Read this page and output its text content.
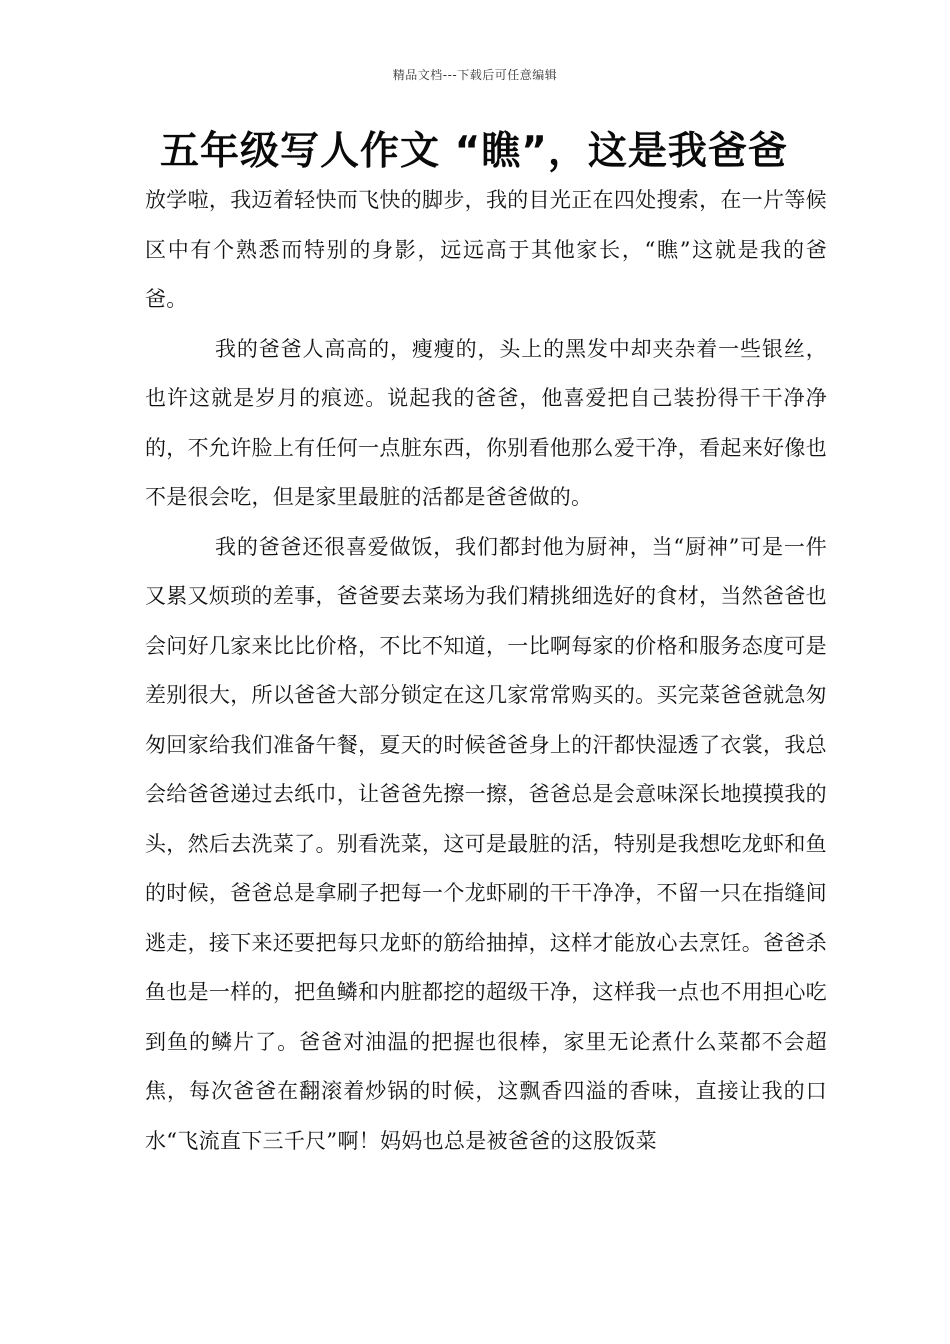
精品文档---下载后可任意编辑
五年级写人作文 “瞧”，这是我爸爸

放学啦，我迈着轻快而飞快的脚步，我的目光正在四处搜索，在一片等候区中有个熟悉而特别的身影，远远高于其他家长，“瞧”这就是我的爸爸。

我的爸爸人高高的，瘦瘦的，头上的黑发中却夹杂着一些银丝，也许这就是岁月的痕迹。说起我的爸爸，他喜爱把自己装扮得干干净净的，不允许脸上有任何一点脏东西，你别看他那么爱干净，看起来好像也不是很会吃，但是家里最脏的活都是爸爸做的。

我的爸爸还很喜爱做饭，我们都封他为厨神，当“厨神”可是一件又累又烦琐的差事，爸爸要去菜场为我们精挑细选好的食材，当然爸爸也会问好几家来比比价格，不比不知道，一比啊每家的价格和服务态度可是差别很大，所以爸爸大部分锁定在这几家常常购买的。买完菜爸爸就急匆匆回家给我们准备午餐，夏天的时候爸爸身上的汗都快湿透了衣裳，我总会给爸爸递过去纸巾，让爸爸先擦一擦，爸爸总是会意味深长地摸摸我的头，然后去洗菜了。别看洗菜，这可是最脏的活，特别是我想吃龙虾和鱼的时候，爸爸总是拿刷子把每一个龙虾刷的干干净净，不留一只在指缝间逃走，接下来还要把每只龙虾的筋给抽掉，这样才能放心去烹饪。爸爸杀鱼也是一样的，把鱼鳞和内脏都挖的超级干净，这样我一点也不用担心吃到鱼的鳞片了。爸爸对油温的把握也很棒，家里无论煮什么菜都不会超焦，每次爸爸在翻滚着炒锅的时候，这飘香四溢的香味，直接让我的口水“飞流直下三千尺”啊！妈妈也总是被爸爸的这股饭菜
